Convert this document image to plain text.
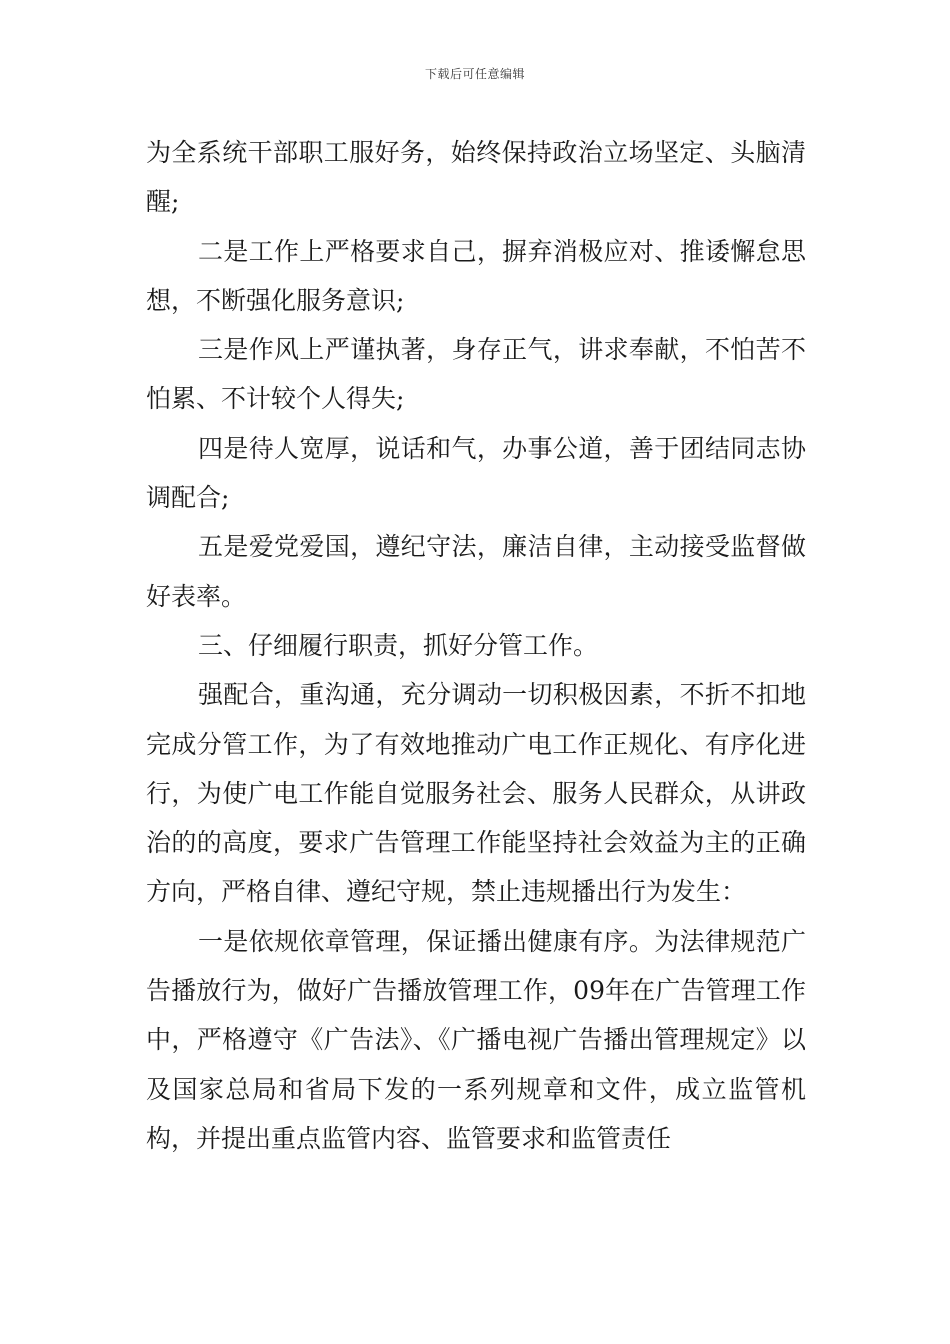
下载后可任意编辑

为全系统干部职工服好务，始终保持政治立场坚定、头脑清醒;

二是工作上严格要求自己，摒弃消极应对、推诿懈怠思想，不断强化服务意识;

三是作风上严谨执著，身存正气，讲求奉献，不怕苦不怕累、不计较个人得失;

四是待人宽厚，说话和气，办事公道，善于团结同志协调配合;

五是爱党爱国，遵纪守法，廉洁自律，主动接受监督做好表率。

三、仔细履行职责，抓好分管工作。

强配合，重沟通，充分调动一切积极因素，不折不扣地完成分管工作，为了有效地推动广电工作正规化、有序化进行，为使广电工作能自觉服务社会、服务人民群众，从讲政治的的高度，要求广告管理工作能坚持社会效益为主的正确方向，严格自律、遵纪守规，禁止违规播出行为发生：

一是依规依章管理，保证播出健康有序。为法律规范广告播放行为，做好广告播放管理工作，09年在广告管理工作中，严格遵守《广告法》、《广播电视广告播出管理规定》以及国家总局和省局下发的一系列规章和文件，成立监管机构，并提出重点监管内容、监管要求和监管责任
